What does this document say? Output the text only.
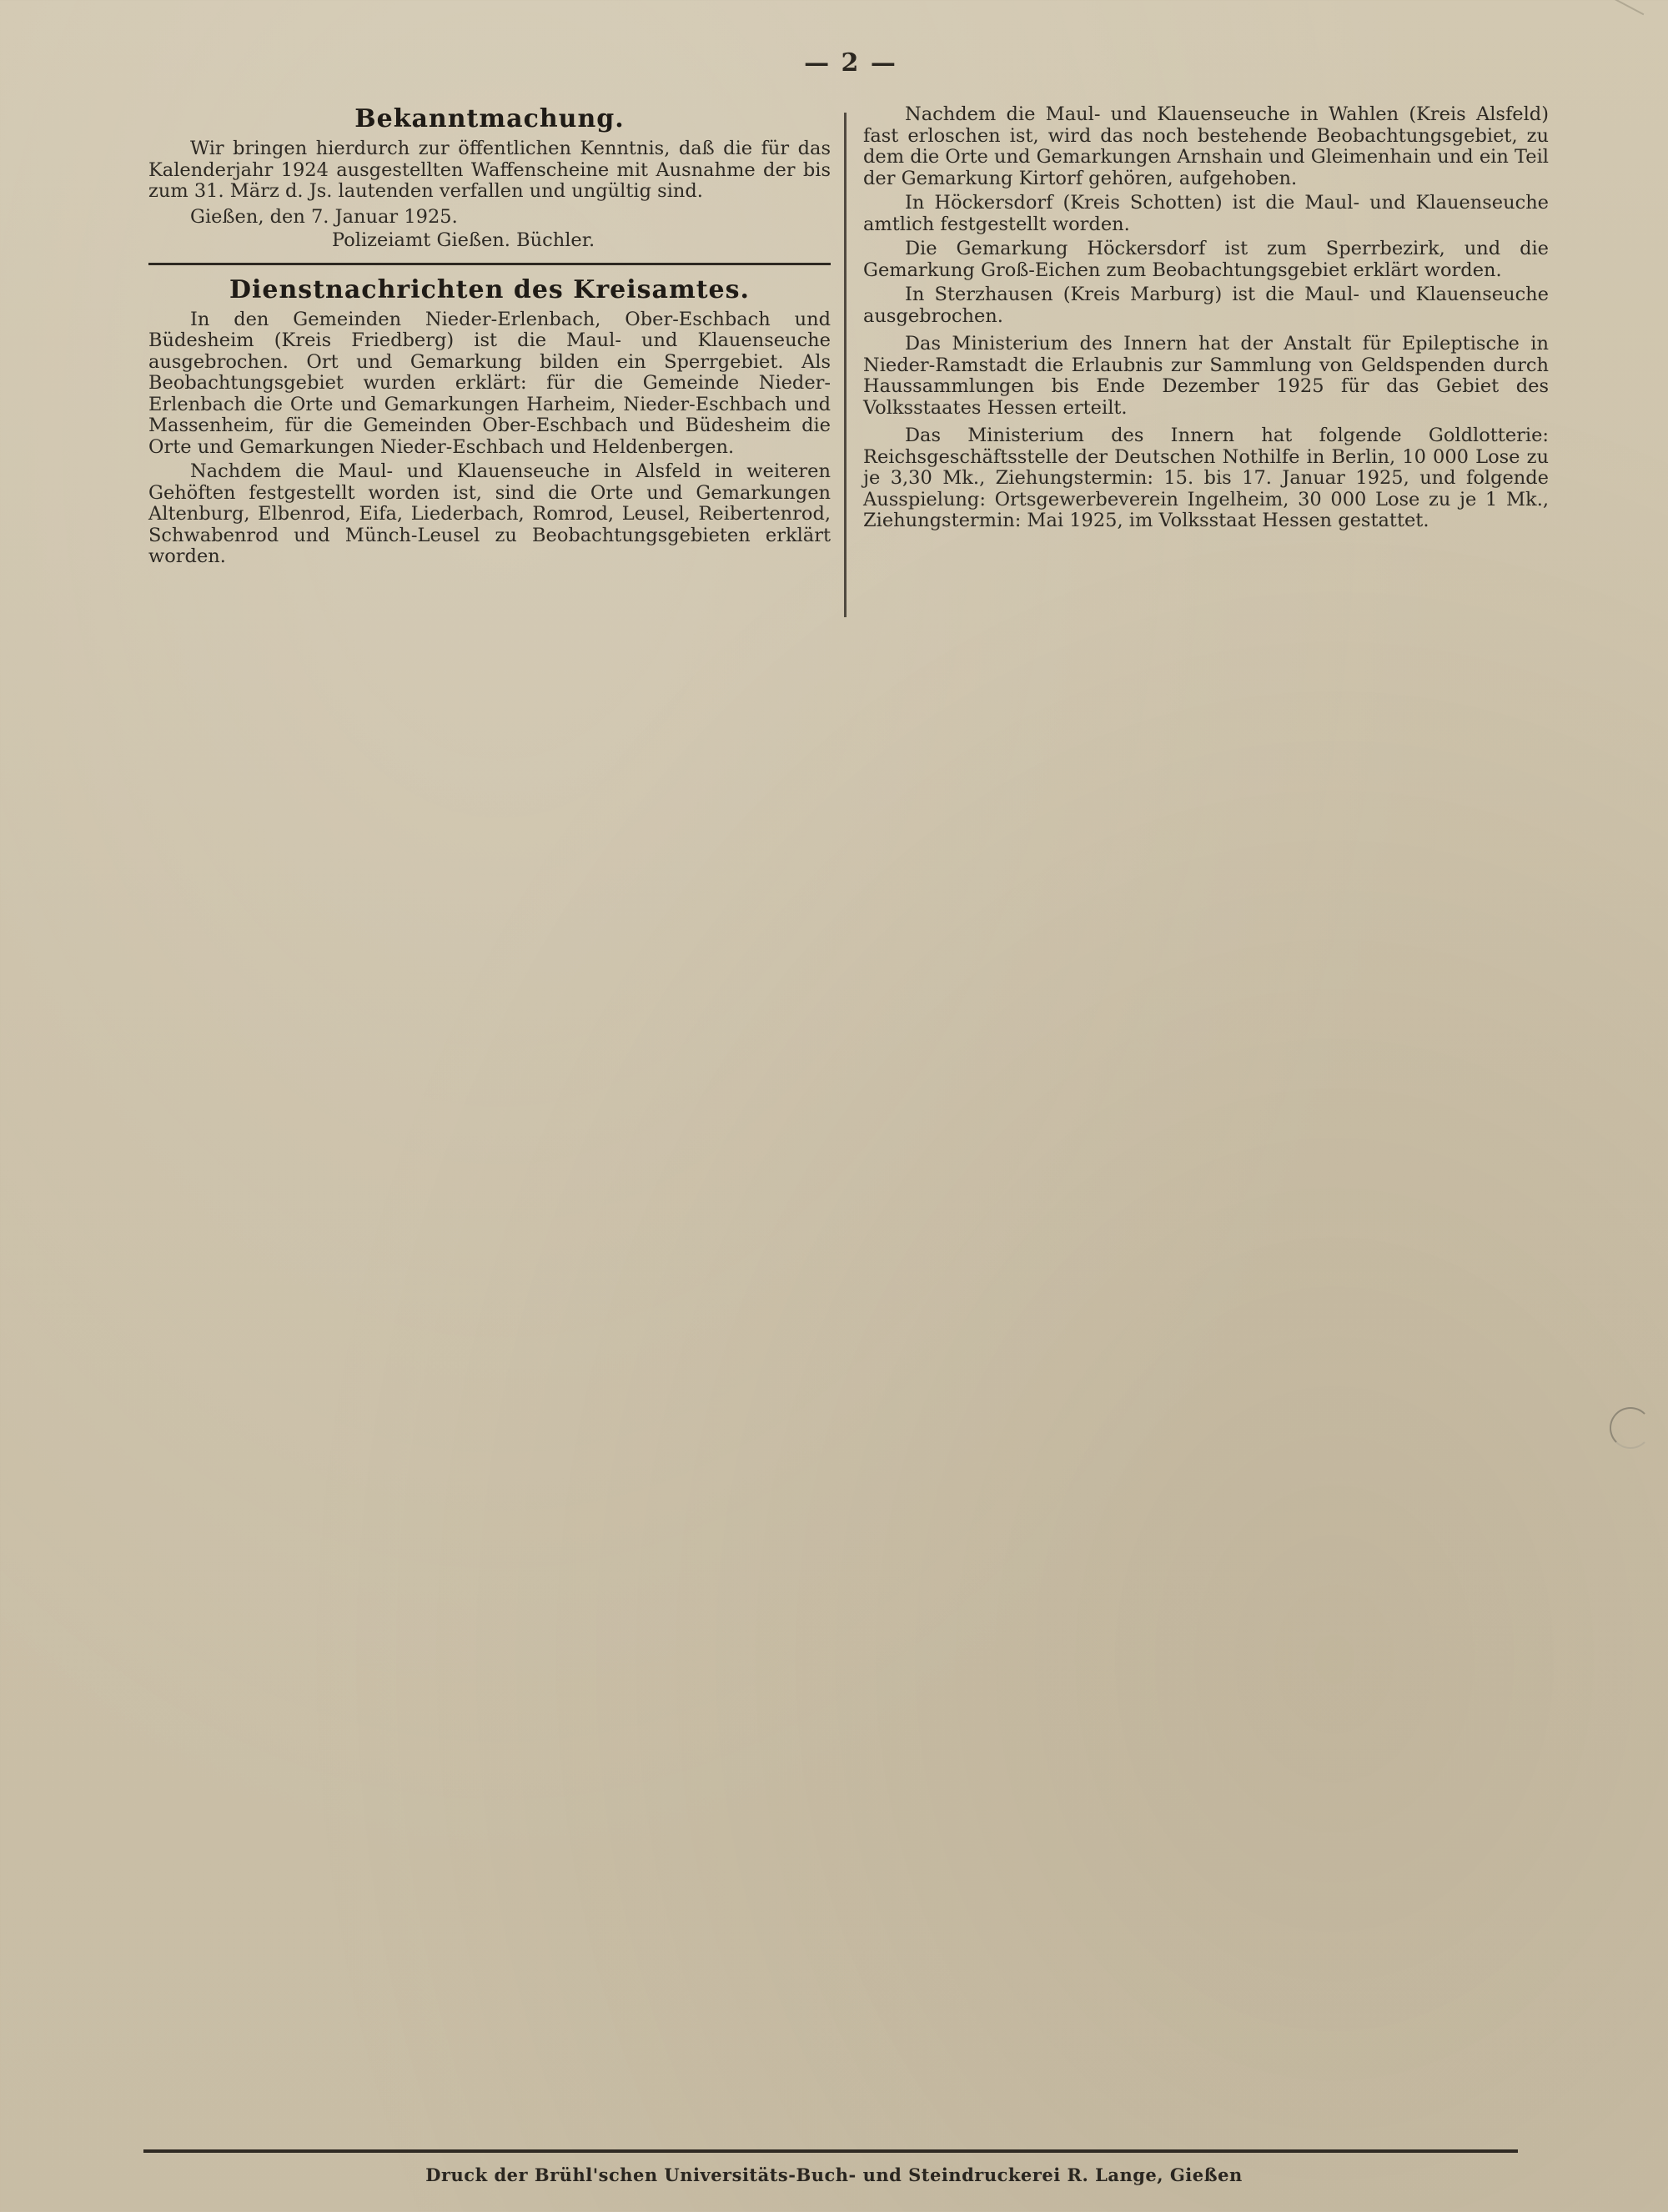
— 2 —
Bekanntmachung.

Wir bringen hierdurch zur öffentlichen Kenntnis, daß die für das Kalenderjahr 1924 ausgestellten Waffenscheine mit Ausnahme der bis zum 31. März d. Js. lautenden verfallen und ungültig sind.

Gießen, den 7. Januar 1925.

Polizeiamt Gießen. Büchler.

Dienstnachrichten des Kreisamtes.

In den Gemeinden Nieder-Erlenbach, Ober-Eschbach und Büdesheim (Kreis Friedberg) ist die Maul- und Klauenseuche ausgebrochen. Ort und Gemarkung bilden ein Sperrgebiet. Als Beobachtungsgebiet wurden erklärt: für die Gemeinde Nieder-Erlenbach die Orte und Gemarkungen Harheim, Nieder-Eschbach und Massenheim, für die Gemeinden Ober-Eschbach und Büdesheim die Orte und Gemarkungen Nieder-Eschbach und Heldenbergen.

Nachdem die Maul- und Klauenseuche in Alsfeld in weiteren Gehöften festgestellt worden ist, sind die Orte und Gemarkungen Altenburg, Elbenrod, Eifa, Liederbach, Romrod, Leusel, Reibertenrod, Schwabenrod und Münch-Leusel zu Beobachtungsgebieten erklärt worden.

Nachdem die Maul- und Klauenseuche in Wahlen (Kreis Alsfeld) fast erloschen ist, wird das noch bestehende Beobachtungsgebiet, zu dem die Orte und Gemarkungen Arnshain und Gleimenhain und ein Teil der Gemarkung Kirtorf gehören, aufgehoben.

In Höckersdorf (Kreis Schotten) ist die Maul- und Klauenseuche amtlich festgestellt worden.

Die Gemarkung Höckersdorf ist zum Sperrbezirk, und die Gemarkung Groß-Eichen zum Beobachtungsgebiet erklärt worden.

In Sterzhausen (Kreis Marburg) ist die Maul- und Klauenseuche ausgebrochen.

Das Ministerium des Innern hat der Anstalt für Epileptische in Nieder-Ramstadt die Erlaubnis zur Sammlung von Geldspenden durch Haussammlungen bis Ende Dezember 1925 für das Gebiet des Volksstaates Hessen erteilt.

Das Ministerium des Innern hat folgende Goldlotterie: Reichsgeschäftsstelle der Deutschen Nothilfe in Berlin, 10 000 Lose zu je 3,30 Mk., Ziehungstermin: 15. bis 17. Januar 1925, und folgende Ausspielung: Ortsgewerbeverein Ingelheim, 30 000 Lose zu je 1 Mk., Ziehungstermin: Mai 1925, im Volksstaat Hessen gestattet.

Druck der Brühl'schen Universitäts-Buch- und Steindruckerei R. Lange, Gießen
